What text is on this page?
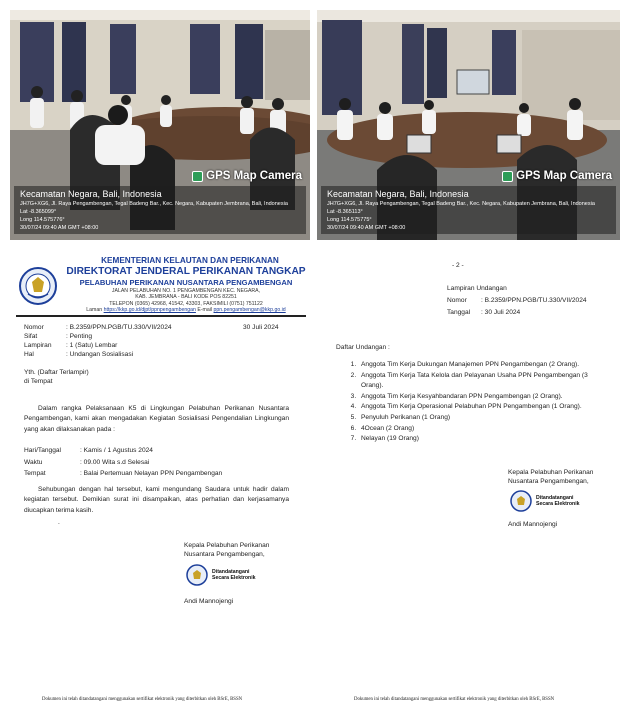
GPS Map Camera
Kecamatan Negara, Bali, Indonesia
JH7G+XG6, Jl. Raya Pengambengan, Tegal Badeng Bar., Kec. Negara, Kabupaten Jembrana, Bali, Indonesia
Lat -8.365099°
Long 114.575776°
30/07/24 09:40 AM GMT +08:00
GPS Map Camera
Kecamatan Negara, Bali, Indonesia
JH7G+XG6, Jl. Raya Pengambengan, Tegal Badeng Bar., Kec. Negara, Kabupaten Jembrana, Bali, Indonesia
Lat -8.365113°
Long 114.575775°
30/07/24 09:40 AM GMT +08:00
KEMENTERIAN KELAUTAN DAN PERIKANAN
DIREKTORAT JENDERAL PERIKANAN TANGKAP
PELABUHAN PERIKANAN NUSANTARA PENGAMBENGAN
JALAN PELABUHAN NO. 1 PENGAMBENGAN KEC. NEGARA,
KAB. JEMBRANA - BALI KODE POS 82251
TELEPON (0365) 42968, 41542, 43303, FAKSIMILI (0751) 751122
Laman https://kkp.go.id/djpt/ppnpengambengan E-mail ppn.pengambengan@kkp.go.id
Nomor	: B.2359/PPN.PGB/TU.330/VII/2024	30 Juli 2024
Sifat	: Penting
Lampiran : 1 (Satu) Lembar
Hal	: Undangan Sosialisasi
Yth. (Daftar Terlampir)
di Tempat
Dalam rangka Pelaksanaan K5 di Lingkungan Pelabuhan Perikanan Nusantara Pengambengan, kami akan mengadakan Kegiatan Sosialisasi Pengendalian Lingkungan yang akan dilaksanakan pada :
Hari/Tanggal	: Kamis / 1 Agustus 2024
Waktu	: 09.00 Wita s.d Selesai
Tempat	: Balai Pertemuan Nelayan PPN Pengambengan
Sehubungan dengan hal tersebut, kami mengundang Saudara untuk hadir dalam kegiatan tersebut. Demikian surat ini disampaikan, atas perhatian dan kerjasamanya diucapkan terima kasih.
.
Kepala Pelabuhan Perikanan
Nusantara Pengambengan,
Ditandatangani
Secara Elektronik
Andi Mannojengi
Dokumen ini telah ditandatangani menggunakan sertifikat elektronik yang diterbitkan oleh BSrE, BSSN
- 2 -
Lampiran Undangan
Nomor : B.2359/PPN.PGB/TU.330/VII/2024
Tanggal : 30 Juli 2024
Daftar Undangan :
1. Anggota Tim Kerja Dukungan Manajemen PPN Pengambengan (2 Orang).
2. Anggota Tim Kerja Tata Kelola dan Pelayanan Usaha PPN Pengambengan (3 Orang).
3. Anggota Tim Kerja Kesyahbandaran PPN Pengambengan (2 Orang).
4. Anggota Tim Kerja Operasional Pelabuhan PPN Pengambengan (1 Orang).
5. Penyuluh Perikanan (1 Orang)
6. 4Ocean (2 Orang)
7. Nelayan (19 Orang)
Kepala Pelabuhan Perikanan
Nusantara Pengambengan,
Ditandatangani
Secara Elektronik
Andi Mannojengi
Dokumen ini telah ditandatangani menggunakan sertifikat elektronik yang diterbitkan oleh BSrE, BSSN
